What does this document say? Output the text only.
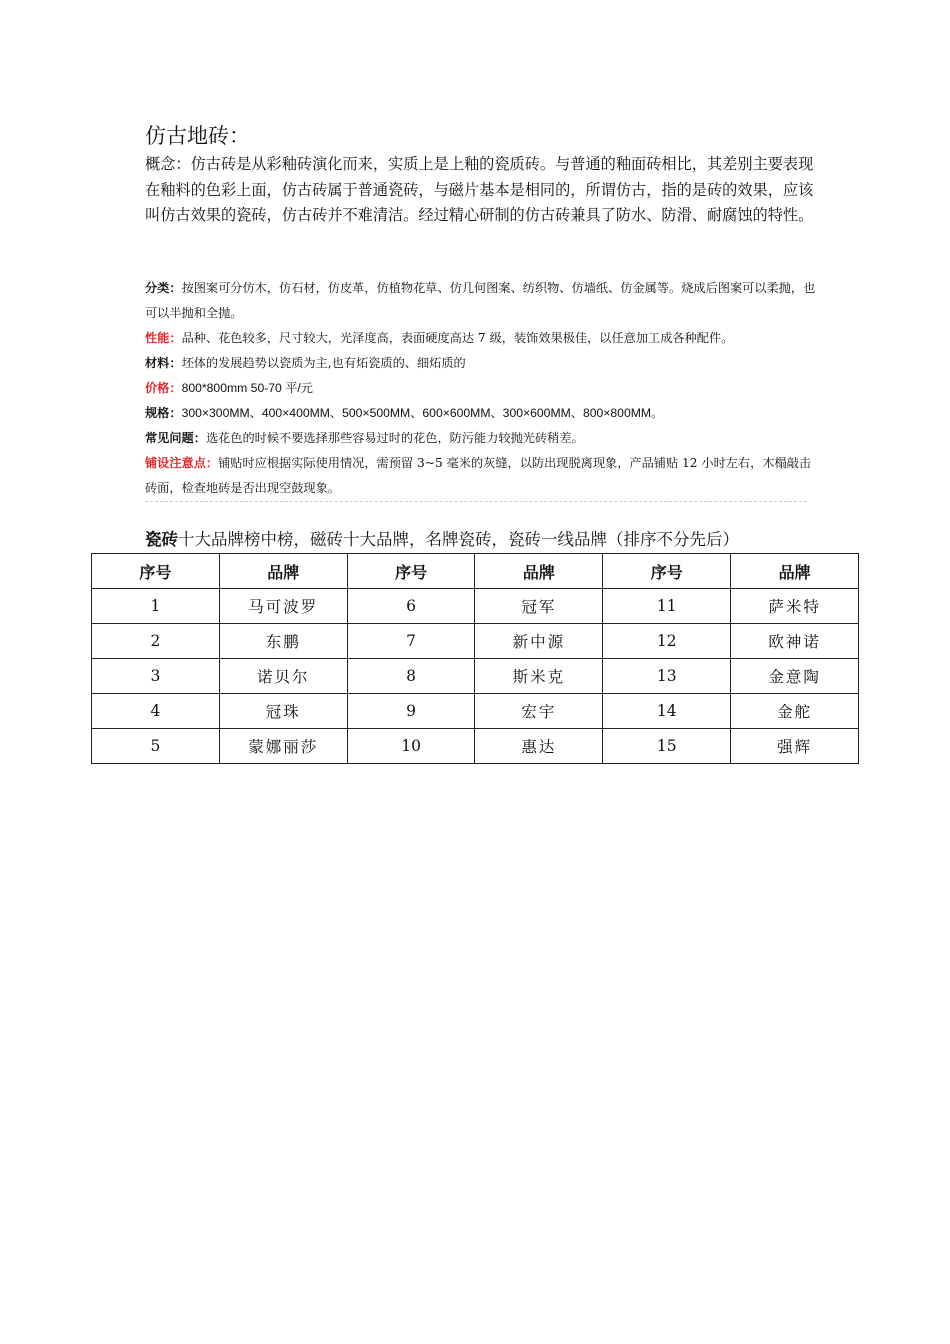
仿古地砖：

概念：仿古砖是从彩釉砖演化而来，实质上是上釉的瓷质砖。与普通的釉面砖相比，其差别主要表现在釉料的色彩上面，仿古砖属于普通瓷砖，与磁片基本是相同的，所谓仿古，指的是砖的效果，应该叫仿古效果的瓷砖，仿古砖并不难清洁。经过精心研制的仿古砖兼具了防水、防滑、耐腐蚀的特性。

分类：按图案可分仿木，仿石材，仿皮革，仿植物花草、仿几何图案、纺织物、仿墙纸、仿金属等。烧成后图案可以柔抛，也可以半抛和全抛。
性能：品种、花色较多，尺寸较大，光泽度高，表面硬度高达 7 级，装饰效果极佳，以任意加工成各种配件。
材料：坯体的发展趋势以瓷质为主,也有炻瓷质的、细炻质的
价格：800*800mm 50-70 平/元
规格：300×300MM、400×400MM、500×500MM、600×600MM、300×600MM、800×800MM。
常见问题：选花色的时候不要选择那些容易过时的花色，防污能力较抛光砖稍差。
铺设注意点：铺贴时应根据实际使用情况，需预留 3~5 毫米的灰缝，以防出现脱离现象，产品铺贴 12 小时左右，木榻敲击砖面，检查地砖是否出现空鼓现象。

瓷砖十大品牌榜中榜，磁砖十大品牌，名牌瓷砖，瓷砖一线品牌（排序不分先后）

序号	品牌	序号	品牌	序号	品牌
1	马可波罗	6	冠军	11	萨米特
2	东鹏	7	新中源	12	欧神诺
3	诺贝尔	8	斯米克	13	金意陶
4	冠珠	9	宏宇	14	金舵
5	蒙娜丽莎	10	惠达	15	强辉
